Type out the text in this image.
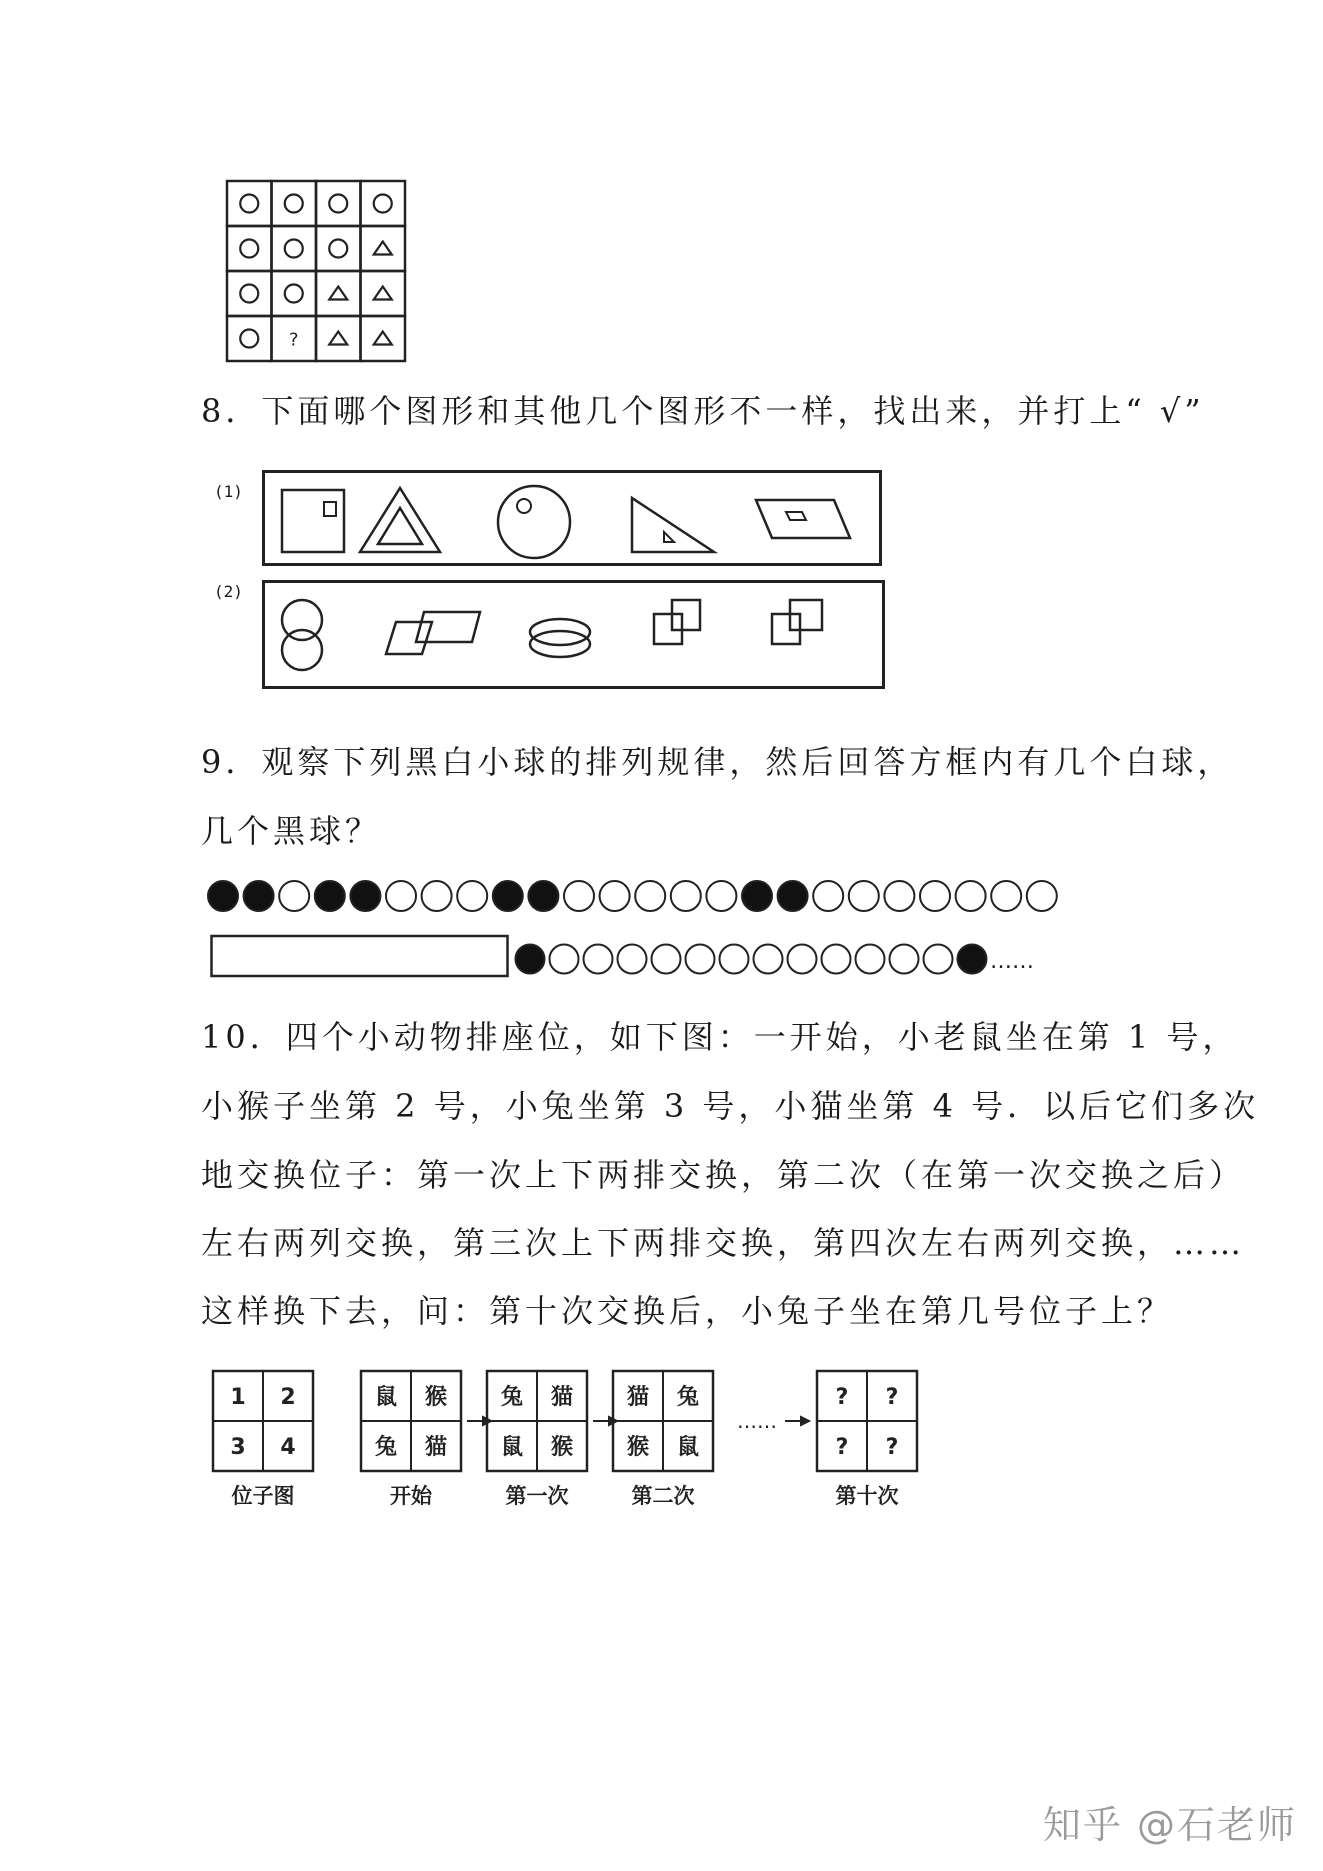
?
8．下面哪个图形和其他几个图形不一样，找出来，并打上“ √”
(1)
(2)
9．观察下列黑白小球的排列规律，然后回答方框内有几个白球，
几个黑球？
……
10．四个小动物排座位，如下图：一开始，小老鼠坐在第 1 号，
小猴子坐第 2 号，小兔坐第 3 号，小猫坐第 4 号．以后它们多次
地交换位子：第一次上下两排交换，第二次（在第一次交换之后）
左右两列交换，第三次上下两排交换，第四次左右两列交换，……
这样换下去，问：第十次交换后，小兔子坐在第几号位子上？
1 2
3 4
位子图
鼠 猴
兔 猫
开始
兔 猫
鼠 猴
第一次
猫 兔
猴 鼠
第二次
? ?
? ?
第十次
……
知乎 @石老师
